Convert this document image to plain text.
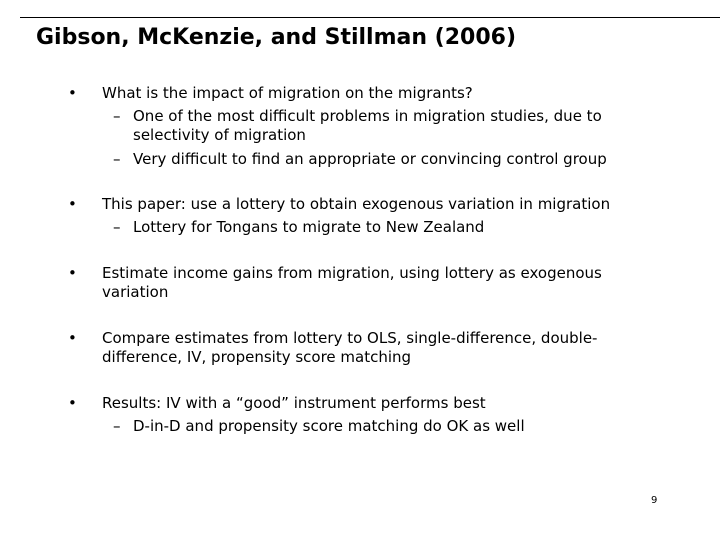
Gibson, McKenzie, and Stillman (2006)
• What is the impact of migration on the migrants?
– One of the most difficult problems in migration studies, due to selectivity of migration
– Very difficult to find an appropriate or convincing control group
• This paper: use a lottery to obtain exogenous variation in migration
– Lottery for Tongans to migrate to New Zealand
• Estimate income gains from migration, using lottery as exogenous variation
• Compare estimates from lottery to OLS, single-difference, double-difference, IV, propensity score matching
• Results: IV with a “good” instrument performs best
– D-in-D and propensity score matching do OK as well
9
